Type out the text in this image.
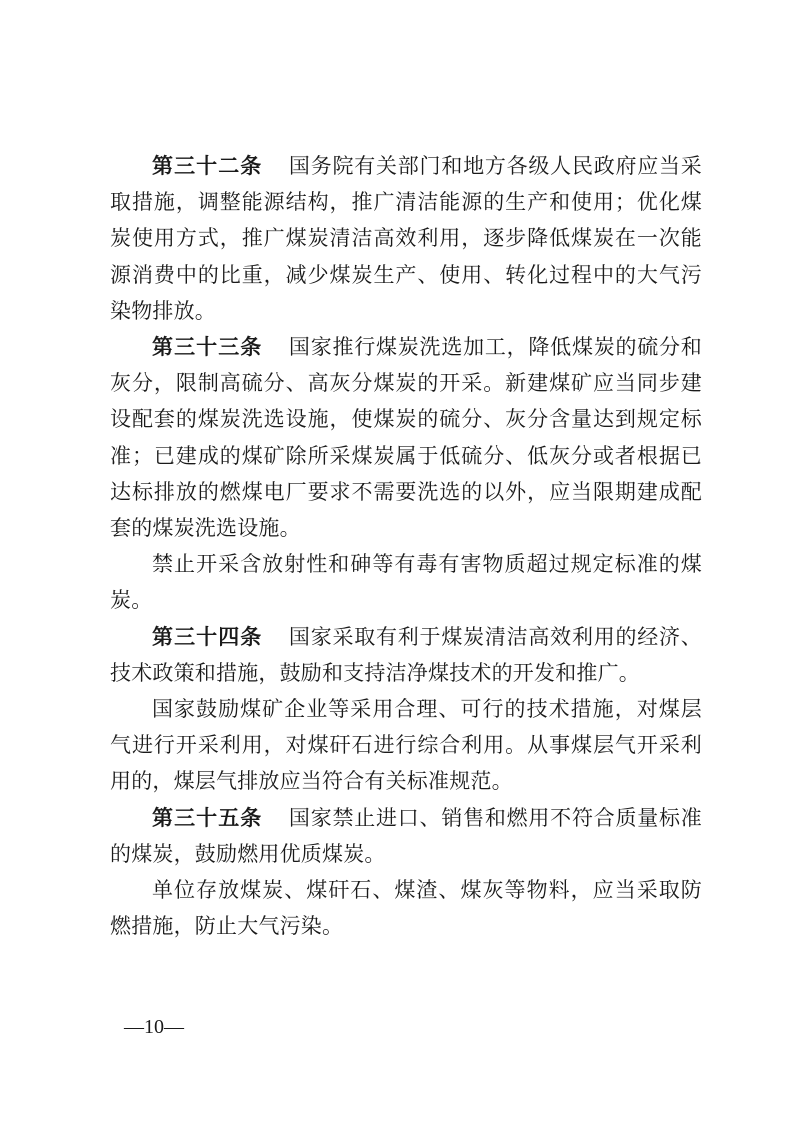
第三十二条 国务院有关部门和地方各级人民政府应当采取措施，调整能源结构，推广清洁能源的生产和使用；优化煤炭使用方式，推广煤炭清洁高效利用，逐步降低煤炭在一次能源消费中的比重，减少煤炭生产、使用、转化过程中的大气污染物排放。

第三十三条 国家推行煤炭洗选加工，降低煤炭的硫分和灰分，限制高硫分、高灰分煤炭的开采。新建煤矿应当同步建设配套的煤炭洗选设施，使煤炭的硫分、灰分含量达到规定标准；已建成的煤矿除所采煤炭属于低硫分、低灰分或者根据已达标排放的燃煤电厂要求不需要洗选的以外，应当限期建成配套的煤炭洗选设施。

禁止开采含放射性和砷等有毒有害物质超过规定标准的煤炭。

第三十四条 国家采取有利于煤炭清洁高效利用的经济、技术政策和措施，鼓励和支持洁净煤技术的开发和推广。

国家鼓励煤矿企业等采用合理、可行的技术措施，对煤层气进行开采利用，对煤矸石进行综合利用。从事煤层气开采利用的，煤层气排放应当符合有关标准规范。

第三十五条 国家禁止进口、销售和燃用不符合质量标准的煤炭，鼓励燃用优质煤炭。

单位存放煤炭、煤矸石、煤渣、煤灰等物料，应当采取防燃措施，防止大气污染。

—10—
